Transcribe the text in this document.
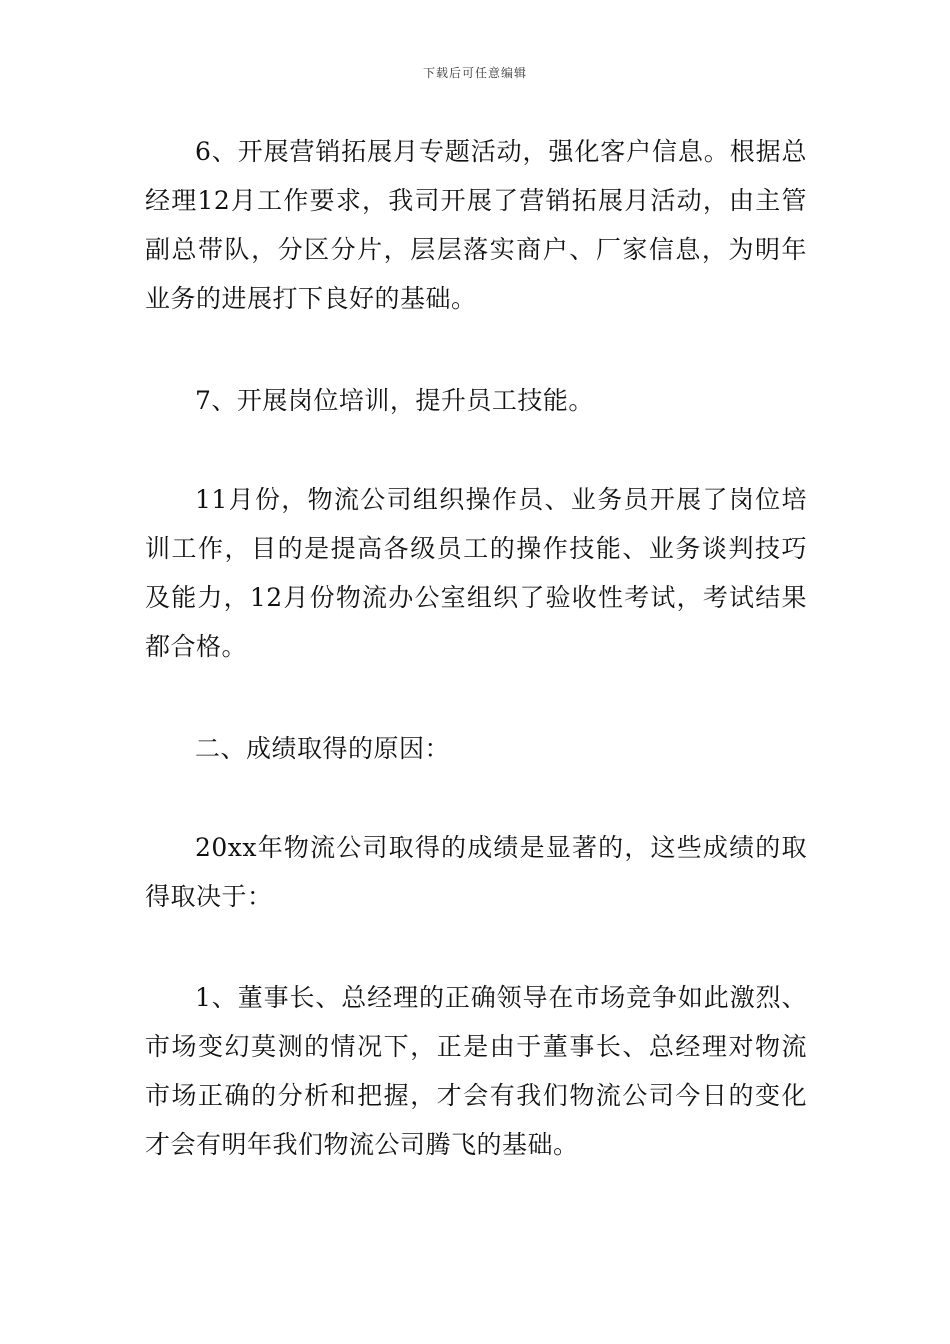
下载后可任意编辑

6、开展营销拓展月专题活动，强化客户信息。根据总经理12月工作要求，我司开展了营销拓展月活动，由主管副总带队，分区分片，层层落实商户、厂家信息，为明年业务的进展打下良好的基础。

7、开展岗位培训，提升员工技能。

11月份，物流公司组织操作员、业务员开展了岗位培训工作，目的是提高各级员工的操作技能、业务谈判技巧及能力，12月份物流办公室组织了验收性考试，考试结果都合格。

二、成绩取得的原因：

20xx年物流公司取得的成绩是显著的，这些成绩的取得取决于：

1、董事长、总经理的正确领导在市场竞争如此激烈、市场变幻莫测的情况下，正是由于董事长、总经理对物流市场正确的分析和把握，才会有我们物流公司今日的变化才会有明年我们物流公司腾飞的基础。
